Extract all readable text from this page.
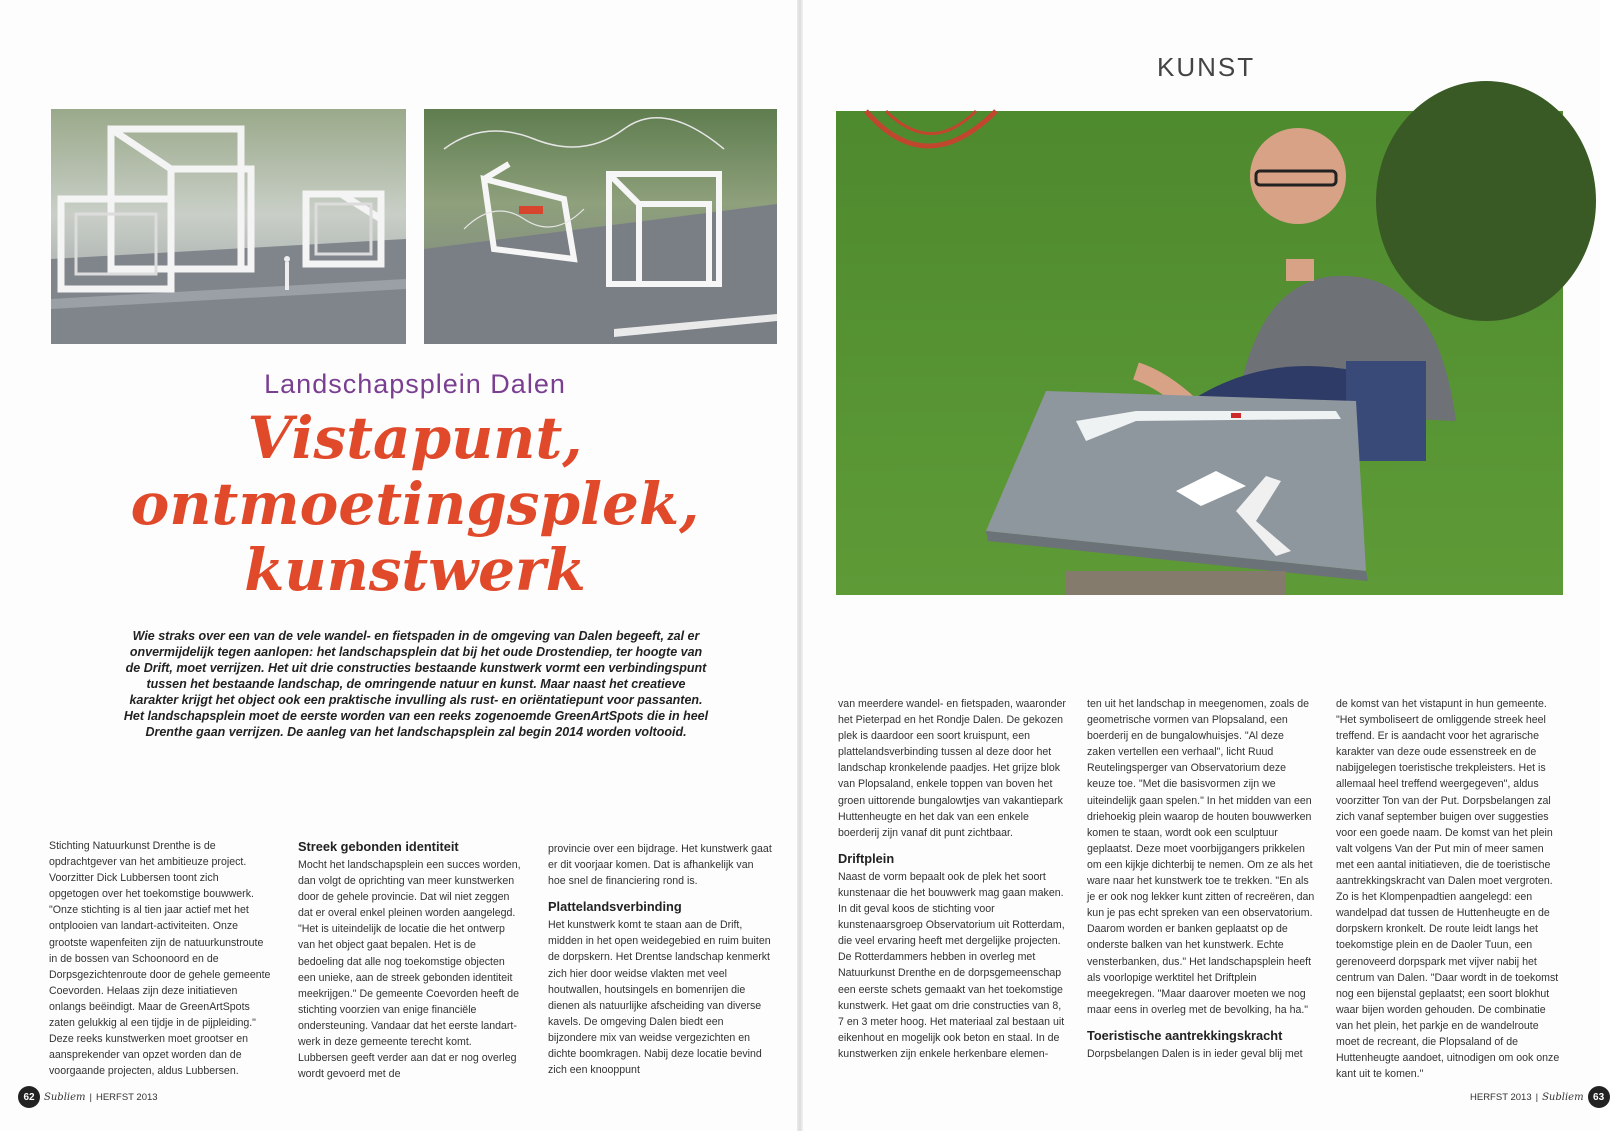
KUNST
Landschapsplein Dalen
Vistapunt,
ontmoetingsplek,
kunstwerk
Wie straks over een van de vele wandel- en fietspaden in de omgeving van Dalen begeeft, zal er onvermijdelijk tegen aanlopen: het landschapsplein dat bij het oude Drostendiep, ter hoogte van de Drift, moet verrijzen. Het uit drie constructies bestaande kunstwerk vormt een verbindingspunt tussen het bestaande landschap, de omringende natuur en kunst. Maar naast het creatieve karakter krijgt het object ook een praktische invulling als rust- en oriëntatiepunt voor passanten. Het landschapsplein moet de eerste worden van een reeks zogenoemde GreenArtSpots die in heel Drenthe gaan verrijzen. De aanleg van het landschapsplein zal begin 2014 worden voltooid.

Stichting Natuurkunst Drenthe is de opdrachtgever van het ambitieuze project. Voorzitter Dick Lubbersen toont zich opgetogen over het toekomstige bouwwerk. "Onze stichting is al tien jaar actief met het ontplooien van landart-activiteiten. Onze grootste wapenfeiten zijn de natuurkunstroute in de bossen van Schoonoord en de Dorpsgezichtenroute door de gehele gemeente Coevorden. Helaas zijn deze initiatieven onlangs beëindigt. Maar de GreenArtSpots zaten gelukkig al een tijdje in de pijpleiding." Deze reeks kunstwerken moet grootser en aansprekender van opzet worden dan de voorgaande projecten, aldus Lubbersen.

Streek gebonden identiteit

Mocht het landschapsplein een succes worden, dan volgt de oprichting van meer kunstwerken door de gehele provincie. Dat wil niet zeggen dat er overal enkel pleinen worden aangelegd. "Het is uiteindelijk de locatie die het ontwerp van het object gaat bepalen. Het is de bedoeling dat alle nog toekomstige objecten een unieke, aan de streek gebonden identiteit meekrijgen." De gemeente Coevorden heeft de stichting voorzien van enige financiële ondersteuning. Vandaar dat het eerste landart-werk in deze gemeente terecht komt. Lubbersen geeft verder aan dat er nog overleg wordt gevoerd met de

provincie over een bijdrage. Het kunstwerk gaat er dit voorjaar komen. Dat is afhankelijk van hoe snel de financiering rond is.

Plattelandsverbinding

Het kunstwerk komt te staan aan de Drift, midden in het open weidegebied en ruim buiten de dorpskern. Het Drentse landschap kenmerkt zich hier door weidse vlakten met veel houtwallen, houtsingels en bomenrijen die dienen als natuurlijke afscheiding van diverse kavels. De omgeving Dalen biedt een bijzondere mix van weidse vergezichten en dichte boomkragen. Nabij deze locatie bevind zich een knooppunt

van meerdere wandel- en fietspaden, waaronder het Pieterpad en het Rondje Dalen. De gekozen plek is daardoor een soort kruispunt, een plattelandsverbinding tussen al deze door het landschap kronkelende paadjes. Het grijze blok van Plopsaland, enkele toppen van boven het groen uittorende bungalowtjes van vakantiepark Huttenheugte en het dak van een enkele boerderij zijn vanaf dit punt zichtbaar.

Driftplein

Naast de vorm bepaalt ook de plek het soort kunstenaar die het bouwwerk mag gaan maken. In dit geval koos de stichting voor kunstenaarsgroep Observatorium uit Rotterdam, die veel ervaring heeft met dergelijke projecten. De Rotterdammers hebben in overleg met Natuurkunst Drenthe en de dorpsgemeenschap een eerste schets gemaakt van het toekomstige kunstwerk. Het gaat om drie constructies van 8, 7 en 3 meter hoog. Het materiaal zal bestaan uit eikenhout en mogelijk ook beton en staal. In de kunstwerken zijn enkele herkenbare elemen-

ten uit het landschap in meegenomen, zoals de geometrische vormen van Plopsaland, een boerderij en de bungalowhuisjes. "Al deze zaken vertellen een verhaal", licht Ruud Reutelingsperger van Observatorium deze keuze toe. "Met die basisvormen zijn we uiteindelijk gaan spelen." In het midden van een driehoekig plein waarop de houten bouwwerken komen te staan, wordt ook een sculptuur geplaatst. Deze moet voorbijgangers prikkelen om een kijkje dichterbij te nemen. Om ze als het ware naar het kunstwerk toe te trekken. "En als je er ook nog lekker kunt zitten of recreëren, dan kun je pas echt spreken van een observatorium. Daarom worden er banken geplaatst op de onderste balken van het kunstwerk. Echte vensterbanken, dus." Het landschapsplein heeft als voorlopige werktitel het Driftplein meegekregen. "Maar daarover moeten we nog maar eens in overleg met de bevolking, ha ha."

Toeristische aantrekkingskracht

Dorpsbelangen Dalen is in ieder geval blij met

de komst van het vistapunt in hun gemeente. "Het symboliseert de omliggende streek heel treffend. Er is aandacht voor het agrarische karakter van deze oude essenstreek en de nabijgelegen toeristische trekpleisters. Het is allemaal heel treffend weergegeven", aldus voorzitter Ton van der Put. Dorpsbelangen zal zich vanaf september buigen over suggesties voor een goede naam. De komst van het plein valt volgens Van der Put min of meer samen met een aantal initiatieven, die de toeristische aantrekkingskracht van Dalen moet vergroten. Zo is het Klompenpadtien aangelegd: een wandelpad dat tussen de Huttenheugte en de dorpskern kronkelt. De route leidt langs het toekomstige plein en de Daoler Tuun, een gerenoveerd dorpspark met vijver nabij het centrum van Dalen. "Daar wordt in de toekomst nog een bijenstal geplaatst; een soort blokhut waar bijen worden gehouden. De combinatie van het plein, het parkje en de wandelroute moet de recreant, die Plopsaland of de Huttenheugte aandoet, uitnodigen om ook onze kant uit te komen."

62 Subliem | HERFST 2013	HERFST 2013 | Subliem 63
